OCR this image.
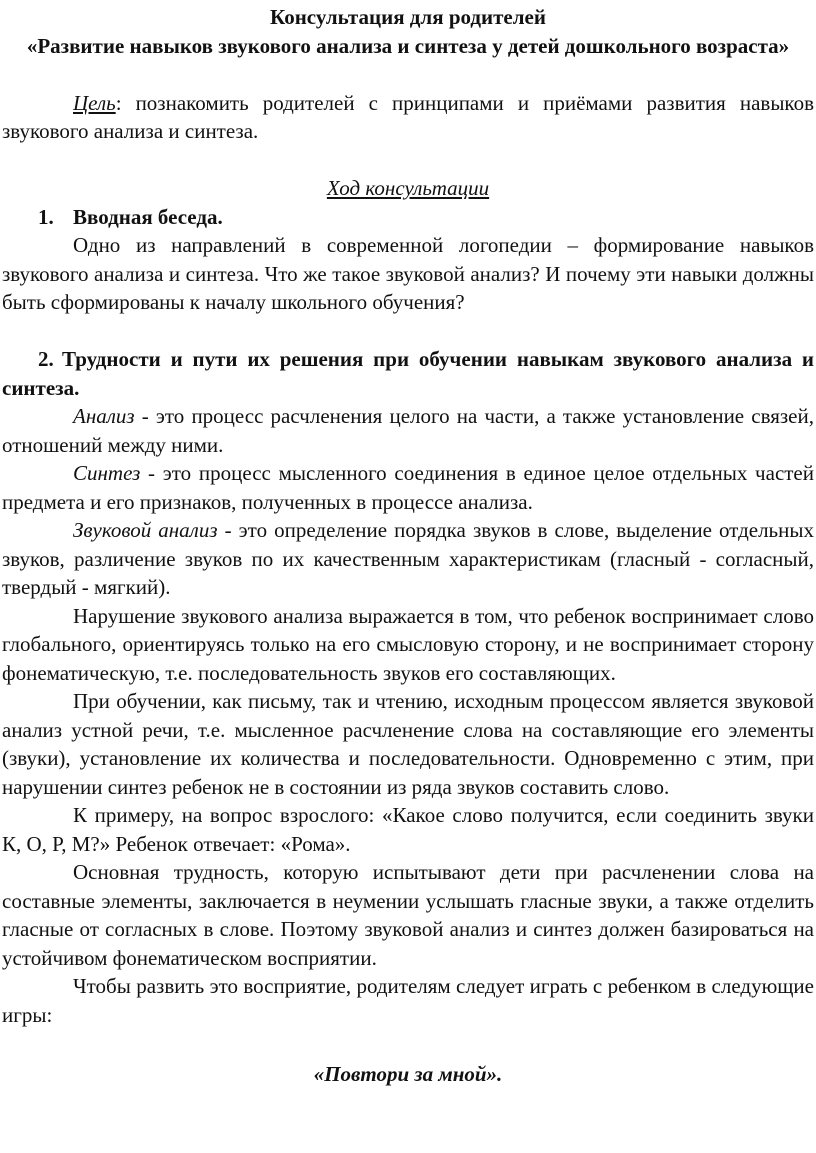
Консультация для родителей

«Развитие навыков звукового анализа и синтеза у детей дошкольного возраста»

Цель: познакомить родителей с принципами и приёмами развития навыков звукового анализа и синтеза.

Ход консультации

1. Вводная беседа.

Одно из направлений в современной логопедии – формирование навыков звукового анализа и синтеза. Что же такое звуковой анализ? И почему эти навыки должны быть сформированы к началу школьного обучения?

2. Трудности и пути их решения при обучении навыкам звукового анализа и синтеза.

Анализ - это процесс расчленения целого на части, а также установление связей, отношений между ними.

Синтез - это процесс мысленного соединения в единое целое отдельных частей предмета и его признаков, полученных в процессе анализа.

Звуковой анализ - это определение порядка звуков в слове, выделение отдельных звуков, различение звуков по их качественным характеристикам (гласный - согласный, твердый - мягкий).

Нарушение звукового анализа выражается в том, что ребенок воспринимает слово глобального, ориентируясь только на его смысловую сторону, и не воспринимает сторону фонематическую, т.е. последовательность звуков его составляющих.

При обучении, как письму, так и чтению, исходным процессом является звуковой анализ устной речи, т.е. мысленное расчленение слова на составляющие его элементы (звуки), установление их количества и последовательности. Одновременно с этим, при нарушении синтез ребенок не в состоянии из ряда звуков составить слово.

К примеру, на вопрос взрослого: «Какое слово получится, если соединить звуки К, О, Р, М?» Ребенок отвечает: «Рома».

Основная трудность, которую испытывают дети при расчленении слова на составные элементы, заключается в неумении услышать гласные звуки, а также отделить гласные от согласных в слове. Поэтому звуковой анализ и синтез должен базироваться на устойчивом фонематическом восприятии.

Чтобы развить это восприятие, родителям следует играть с ребенком в следующие игры:

«Повтори за мной».
